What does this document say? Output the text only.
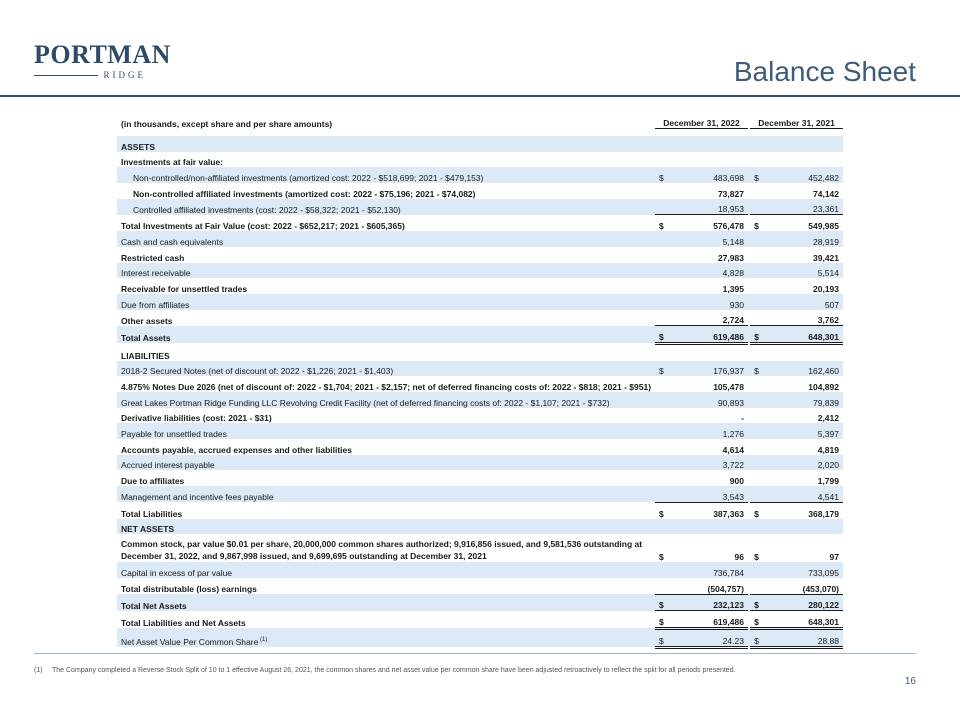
PORTMAN
RIDGE	Balance Sheet
(in thousands, except share and per share amounts)	December 31, 2022			December 31, 2021	

ASSETS					
Investments at fair value:					
Non-controlled/non-affiliated investments (amortized cost: 2022 - $518,699; 2021 - $479,153)	$	483,698		$	452,482
Non-controlled affiliated investments (amortized cost: 2022 - $75,196; 2021 - $74,082)		73,827			74,142
Controlled affiliated investments (cost: 2022 - $58,322; 2021 - $52,130)		18,953			23,361
Total Investments at Fair Value (cost: 2022 - $652,217; 2021 - $605,365)	$	576,478		$	549,985
Cash and cash equivalents		5,148			28,919
Restricted cash		27,983			39,421
Interest receivable		4,828			5,514
Receivable for unsettled trades		1,395			20,193
Due from affiliates		930			507
Other assets		2,724			3,762
Total Assets	$	619,486		$	648,301
LIABILITIES					
2018-2 Secured Notes (net of discount of: 2022 - $1,226; 2021 - $1,403)	$	176,937		$	162,460
4.875% Notes Due 2026 (net of discount of: 2022 - $1,704; 2021 - $2,157; net of deferred financing costs of: 2022 - $818; 2021 - $951)		105,478			104,892
Great Lakes Portman Ridge Funding LLC Revolving Credit Facility (net of deferred financing costs of: 2022 - $1,107; 2021 - $732)		90,893			79,839
Derivative liabilities (cost: 2021 - $31)		-			2,412
Payable for unsettled trades		1,276			5,397
Accounts payable, accrued expenses and other liabilities		4,614			4,819
Accrued interest payable		3,722			2,020
Due to affiliates		900			1,799
Management and incentive fees payable		3,543			4,541
Total Liabilities	$	387,363		$	368,179
NET ASSETS					
Common stock, par value $0.01 per share, 20,000,000 common shares authorized; 9,916,856 issued, and 9,581,536 outstanding at December 31, 2022, and 9,867,998 issued, and 9,699,695 outstanding at December 31, 2021	$	96		$	97
Capital in excess of par value		736,784			733,095
Total distributable (loss) earnings		(504,757)			(453,070)
Total Net Assets	$	232,123		$	280,122
Total Liabilities and Net Assets	$	619,486		$	648,301
Net Asset Value Per Common Share $^{(1)}$	$	24.23		$	28.88
(1) The Company completed a Reverse Stock Split of 10 to 1 effective August 26, 2021, the common shares and net asset value per common share have been adjusted retroactively to reflect the split for all periods presented.
16
